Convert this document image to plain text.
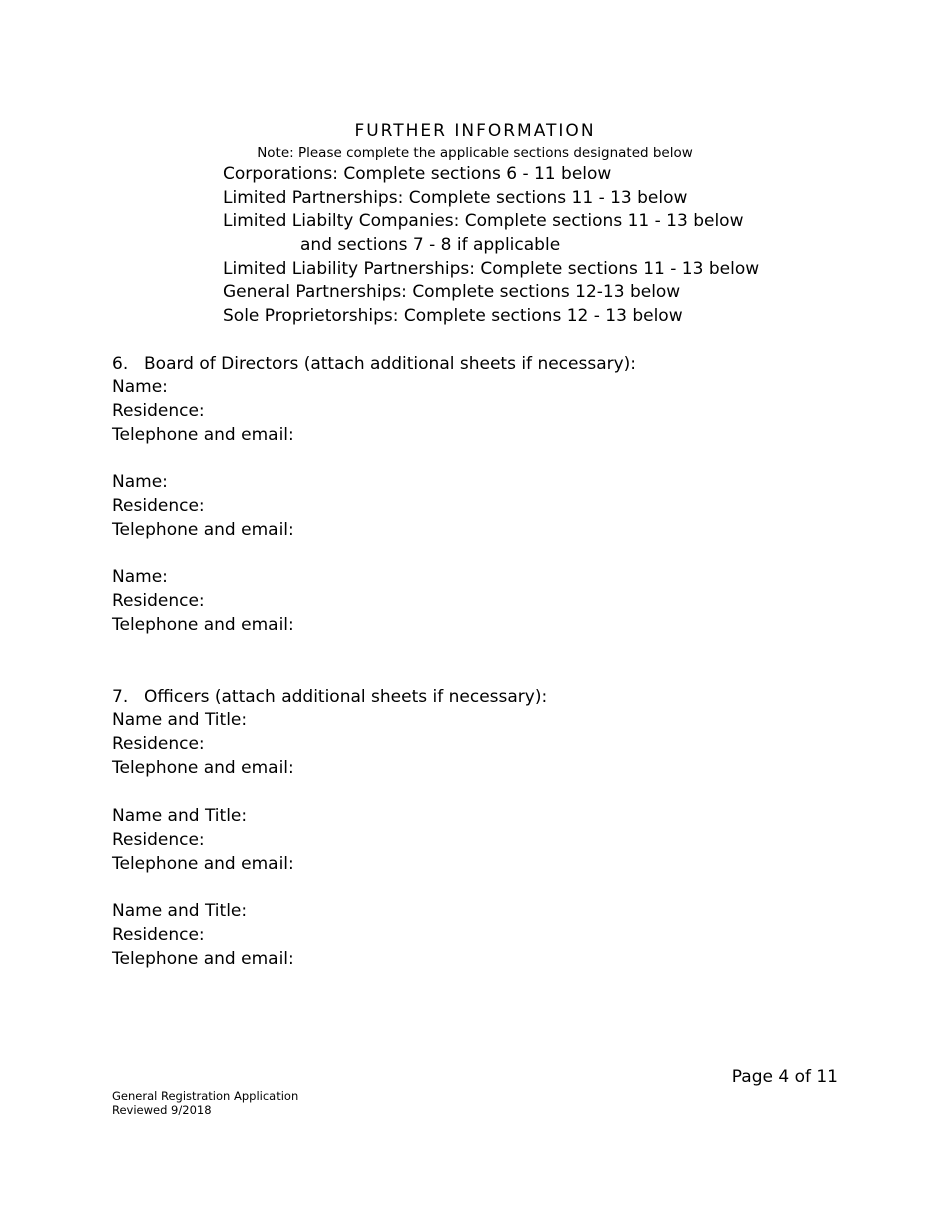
FURTHER INFORMATION
Note: Please complete the applicable sections designated below
Corporations: Complete sections 6 - 11 below
Limited Partnerships: Complete sections 11 - 13 below
Limited Liabilty Companies: Complete sections 11 - 13 below
and sections 7 - 8 if applicable
Limited Liability Partnerships: Complete sections 11 - 13 below
General Partnerships: Complete sections 12-13 below
Sole Proprietorships: Complete sections 12 - 13 below
6. Board of Directors (attach additional sheets if necessary):
Name:
Residence:
Telephone and email:
Name:
Residence:
Telephone and email:
Name:
Residence:
Telephone and email:
7. Officers (attach additional sheets if necessary):
Name and Title:
Residence:
Telephone and email:
Name and Title:
Residence:
Telephone and email:
Name and Title:
Residence:
Telephone and email:
Page 4 of 11
General Registration Application
Reviewed 9/2018
